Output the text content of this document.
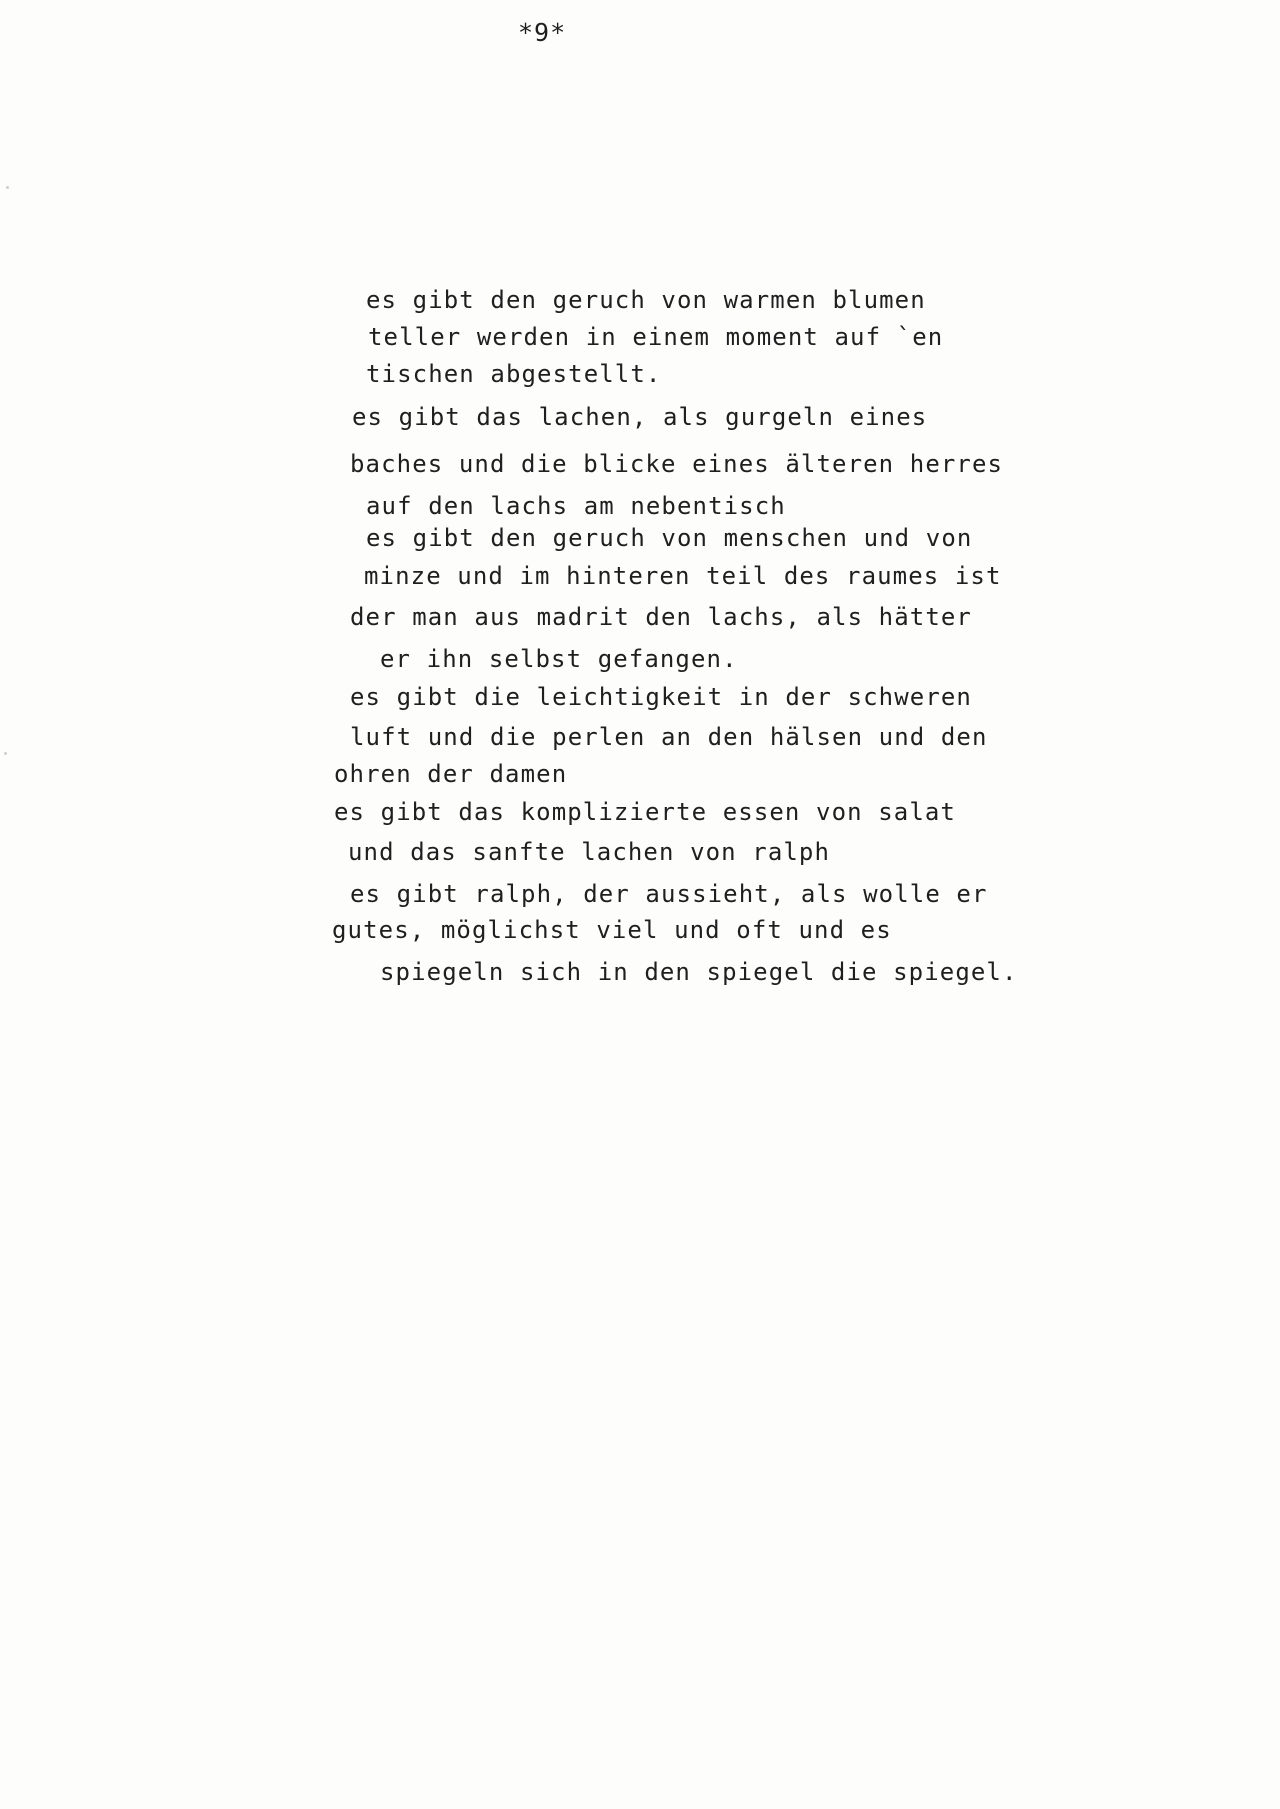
*9*
es gibt den geruch von warmen blumen
teller werden in einem moment auf `en
tischen abgestellt.
es gibt das lachen, als gurgeln eines
baches und die blicke eines älteren herres
auf den lachs am nebentisch
es gibt den geruch von menschen und von
minze und im hinteren teil des raumes ist
der man aus madrit den lachs, als hätter
er ihn selbst gefangen.
es gibt die leichtigkeit in der schweren
luft und die perlen an den hälsen und den
ohren der damen
es gibt das komplizierte essen von salat
und das sanfte lachen von ralph
es gibt ralph, der aussieht, als wolle er
gutes, möglichst viel und oft und es
spiegeln sich in den spiegel die spiegel.
